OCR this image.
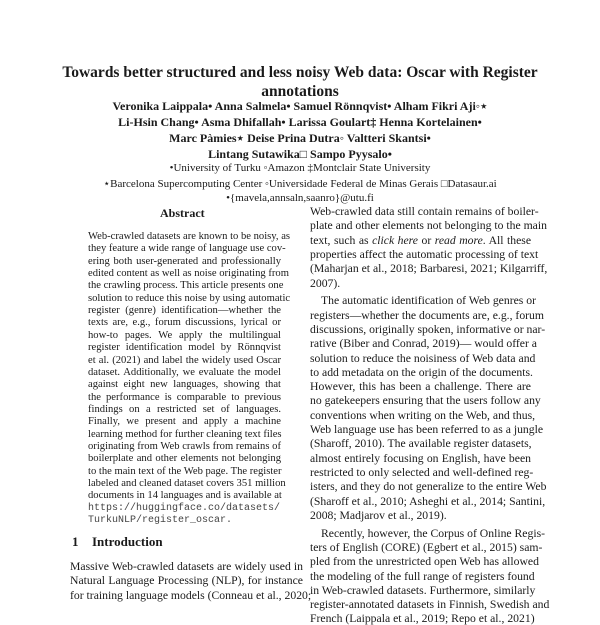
Towards better structured and less noisy Web data: Oscar with Register
annotations
Veronika Laippala• Anna Salmela• Samuel Rönnqvist• Alham Fikri Aji◦⋆
Li-Hsin Chang• Asma Dhifallah• Larissa Goulart‡ Henna Kortelainen•
Marc Pàmies⋆ Deise Prina Dutra◦ Valtteri Skantsi•
Lintang Sutawika□ Sampo Pyysalo•
•University of Turku ◦Amazon ‡Montclair State University
⋆Barcelona Supercomputing Center ◦Universidade Federal de Minas Gerais □Datasaur.ai
•{mavela,annsaln,saanro}@utu.fi
Abstract
Web-crawled datasets are known to be noisy, as
they feature a wide range of language use cov-
ering both user-generated and professionally
edited content as well as noise originating from
the crawling process. This article presents one
solution to reduce this noise by using automatic
register (genre) identification—whether the
texts are, e.g., forum discussions, lyrical or
how-to pages. We apply the multilingual
register identification model by Rönnqvist
et al. (2021) and label the widely used Oscar
dataset. Additionally, we evaluate the model
against eight new languages, showing that
the performance is comparable to previous
findings on a restricted set of languages.
Finally, we present and apply a machine
learning method for further cleaning text files
originating from Web crawls from remains of
boilerplate and other elements not belonging
to the main text of the Web page. The register
labeled and cleaned dataset covers 351 million
documents in 14 languages and is available at
https://huggingface.co/datasets/
TurkuNLP/register_oscar.
1 Introduction
Massive Web-crawled datasets are widely used in
Natural Language Processing (NLP), for instance
for training language models (Conneau et al., 2020;
Web-crawled data still contain remains of boiler-
plate and other elements not belonging to the main
text, such as click here or read more. All these
properties affect the automatic processing of text
(Maharjan et al., 2018; Barbaresi, 2021; Kilgarriff,
2007).
The automatic identification of Web genres or
registers—whether the documents are, e.g., forum
discussions, originally spoken, informative or nar-
rative (Biber and Conrad, 2019)— would offer a
solution to reduce the noisiness of Web data and
to add metadata on the origin of the documents.
However, this has been a challenge. There are
no gatekeepers ensuring that the users follow any
conventions when writing on the Web, and thus,
Web language use has been referred to as a jungle
(Sharoff, 2010). The available register datasets,
almost entirely focusing on English, have been
restricted to only selected and well-defined reg-
isters, and they do not generalize to the entire Web
(Sharoff et al., 2010; Asheghi et al., 2014; Santini,
2008; Madjarov et al., 2019).
Recently, however, the Corpus of Online Regis-
ters of English (CORE) (Egbert et al., 2015) sam-
pled from the unrestricted open Web has allowed
the modeling of the full range of registers found
in Web-crawled datasets. Furthermore, similarly
register-annotated datasets in Finnish, Swedish and
French (Laippala et al., 2019; Repo et al., 2021)
